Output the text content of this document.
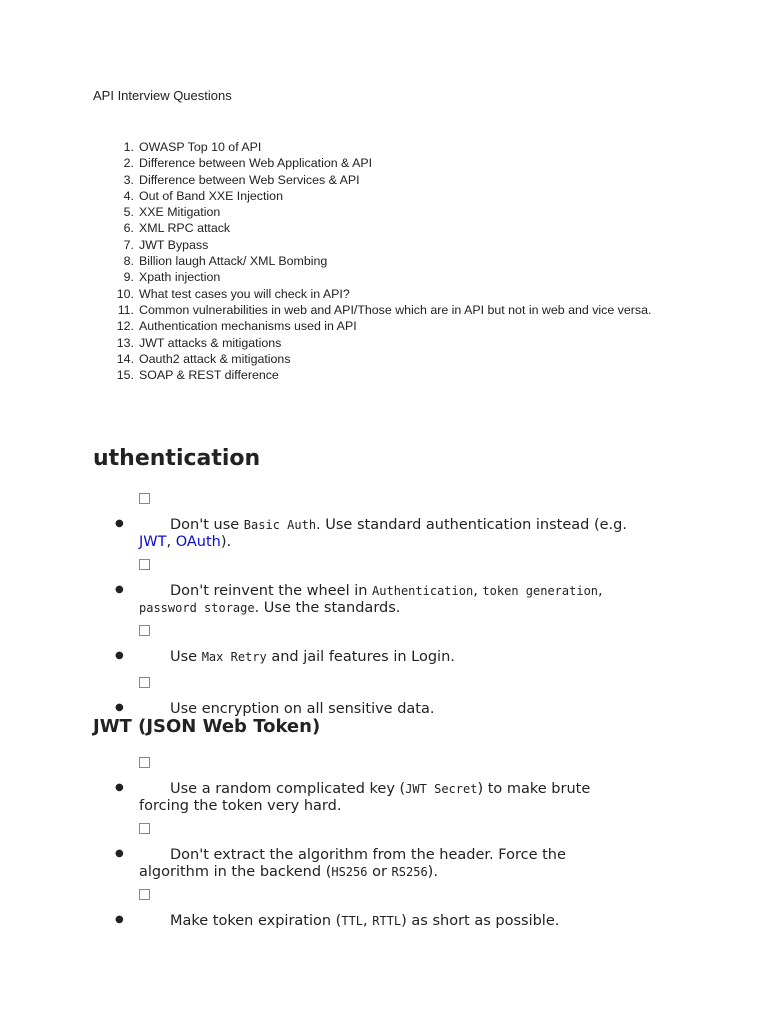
API Interview Questions
1. OWASP Top 10 of API
2. Difference between Web Application & API
3. Difference between Web Services & API
4. Out of Band XXE Injection
5. XXE Mitigation
6. XML RPC attack
7. JWT Bypass
8. Billion laugh Attack/ XML Bombing
9. Xpath injection
10. What test cases you will check in API?
11. Common vulnerabilities in web and API/Those which are in API but not in web and vice versa.
12. Authentication mechanisms used in API
13. JWT attacks & mitigations
14. Oauth2 attack & mitigations
15. SOAP & REST difference
uthentication
●	Don't use Basic Auth. Use standard authentication instead (e.g. JWT, OAuth).
●	Don't reinvent the wheel in Authentication, token generation, password storage. Use the standards.
●	Use Max Retry and jail features in Login.
●	Use encryption on all sensitive data.
JWT (JSON Web Token)
●	Use a random complicated key (JWT Secret) to make brute forcing the token very hard.
●	Don't extract the algorithm from the header. Force the algorithm in the backend (HS256 or RS256).
●	Make token expiration (TTL, RTTL) as short as possible.
